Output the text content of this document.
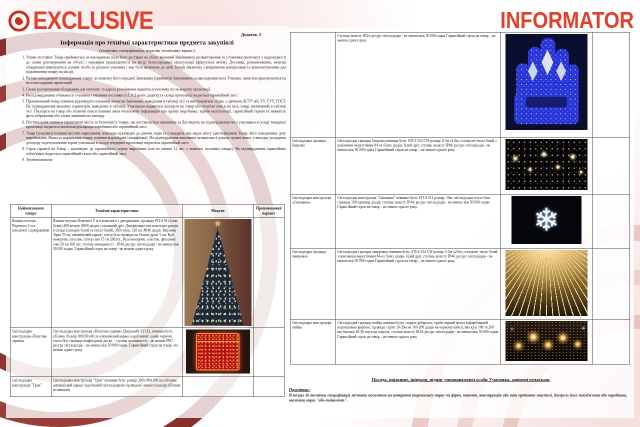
EXCLUSIVE	INFORMATOR
Додаток 3
Інформація про технічні характеристики предмета закупівлі
(технічна специфікація, перелік технічних вимог)
1. Умови поставки: Товар приймається за накладними після його доставки на об'єкт вказаний Замовником, розвантаження та установки (монтажу) у відповідності до схеми розташування на об'єкті і перевірки працездатності на місці безпосередньої експлуатації (фіксується актом). Доставка, розвантаження, монтаж обладнання виконуються силами та/або за рахунок учасника і має бути включено до ціни Товару (включно з витратними матеріалами та комплектуючими для підключення товару на місці).
2. Ризики випадкового пошкодження товару до моменту його передачі Замовнику (прийняття Замовником за накладними) несе Учасник, яким має враховуватися це на етапі подання пропозицій.
3. Схема розташування обладнання для монтажу та адреса розміщення надаються учаснику після акцепту пропозиції.
4. На підтвердження обізнаності учасника з умовами поставки (п.1, п.2 цього додатку) в складі пропозиції надається гарантійний лист.
5. Пропонований товар повинен відповідати основним вимогам Замовника, наведеним в таблиці №1 та виготовлятися згідно з діючими ДСТУ або ТУ, ТУУ, ГОСТ. На підтвердження вказаних параметрів, наведених в таблиці, Учасником надаються паспорти на товар або технічні описи на весь товар, визначений в таблиці №1. Паспорти на товар або технічні описи повинні мати обов'язкову інформацію про країну виробника, термін експлуатації, гарантійний термін та наявність фото зображення або схеми зовнішнього вигляду.
6. Постачальник повинен гарантувати якість та безпечність товару, що поставляється замовнику за Договором, на підтвердження чого учасником в складі тендерної пропозиції надається висновок/декларація виробника або гарантійний лист.
7. Товар (упаковка) повинні містити маркування, нанесене відповідно до діючих норм та стандартів, яке надає змогу ідентифікувати Товар, його походження, дату виробництва. Назва та маркування товару повинні відповідати специфікації. На підтвердження виконання зазначених в даному пункті вимог у випадку укладання договору за результатами торгів учасником в складі тендерної пропозиції надається гарантійний лист.
8. Строк гарантії на Товар – відповідно до гарантійного строку виробника (але не менше 12 міс. з моменту поставки товару). На підтвердження гарантійних зобов'язань надається гарантійний талон або гарантійний лист.
9. Технічні вимоги:
Найменування товару	Технічні характеристики	Макети	Пропонований варіант
Ялинка штучна Перемога 5 м в комплекті з декораціями	Ялинка штучна Перемога 5 м в комплекті з декораціями: гірлянда STLS 912 (мікс білих) 400 метрів, 8000 діодів, гумований дріт, Декоративна світлова конструкція, в складі (холодно білий та тепло білий), 360 голок, 120 см, 8640 діодів. Верхівка Зірка 70 см, алюмінієвий каркас, тепло біла гірлянда на білому дроті 3 шт. Кулі новорічні, пластик, глітер сині 15 см 200 шт., Кулі новорічні, пластик, фіксовані сині 20 см 100 шт; ступінь захищеності – IP44, ресурс світлодіодів - не менше ніж 50 000 годин. Гарантійний строк на товар - не менше одного року.	★	

Світлодіодна конструкція «Поштова скриня»	Світлодіодна конструкція «Поштова скриня» (Дюралайт STLS), повинна бути об'ємна. Розмір 100х50х40 см алюмінієвий каркас оздоблений: ззовні червоні, тепло білі гірлянди конфігурації диско – ступінь захищеності – не менше IP67, ресурс світлодіодів – не менше ніж 50 000 годин. Гарантійний строк на товар - не менше одного року	

Світлодіодна конструкція "Трон"	Світлодіодна конструкція "Трон" повинна бути: розмір 200х180х100 см; об'ємна; алюмінієвий каркас оздоблений світлодіодною гірляндою синього кольору (білими вставками).		
	Ступінь захисту IP44; ресурс світлодіодів - не менше ніж 50 000 годин Гарантійний строк на товар – не менше одного року.	

Світлодіодна гірлянда бахрома	Світлодіодна гірлянда бахрома повинна бути: STLS 352 CW розмір: 0.5м х2.0м; сталактит тепло білий з повільним мерехтінням 84-ох білих діодів, білий дріт, ступінь захисту IP44; ресурс світлодіодів - не менше ніж 50 000 годин Гарантійний строк на товар – не менше одного року.	

Світлодіодна конструкція «Сніжинка»	Світлодіодна конструкція "Сніжинка" повинна бути: STLS 512 розмір: 10м; світлодіодна тепло-біла гірлянда 100 одиниць діодів; ступінь захисту IP44; ресурс світлодіодів - не менше ніж 50 000 годин Гарантійний строк на товар – не менше одного року.	❄	

Світлодіодна гірлянда ланцюжок	Світлодіодна гірлянда ланцюжок повинна бути: STLS 352 CW розмір: 0.5м х2.0м; сталактит тепло білий з повільним мерехтінням 84-ох білих діодів, білий дріт, ступінь захисту IP44; ресурс світлодіодів - не менше ніж 50 000 годин Гарантійний строк на товар – не менше одного року.	

Світлодіодна конструкція змійка	Світлодіодна гірлянда змійка повинна бути: спіраль фіберглас, труби чорний метал пофарбований порошковою фарбою, гірлянди стрінг 10-20м на 160-200 діодів на чорному кабелі, пвх кулі 100 та 200 мм близько 20-30 штук на спіраль, ступінь захисту IP44; ресурс світлодіодів - не менше ніж 50 000 годин Гарантійний строк на товар – не менше одного року.	

Посада, прізвище, ініціали, підпис уповноваженої особи Учасника, завірені печаткою.
Примітка:
В місцях де технічна специфікація містить посилання на конкретні торговельну марку чи фірму, патент, конструкцію або тип предмета закупівлі, джерело його походження або виробника, вважати вираз "або еквівалент".
